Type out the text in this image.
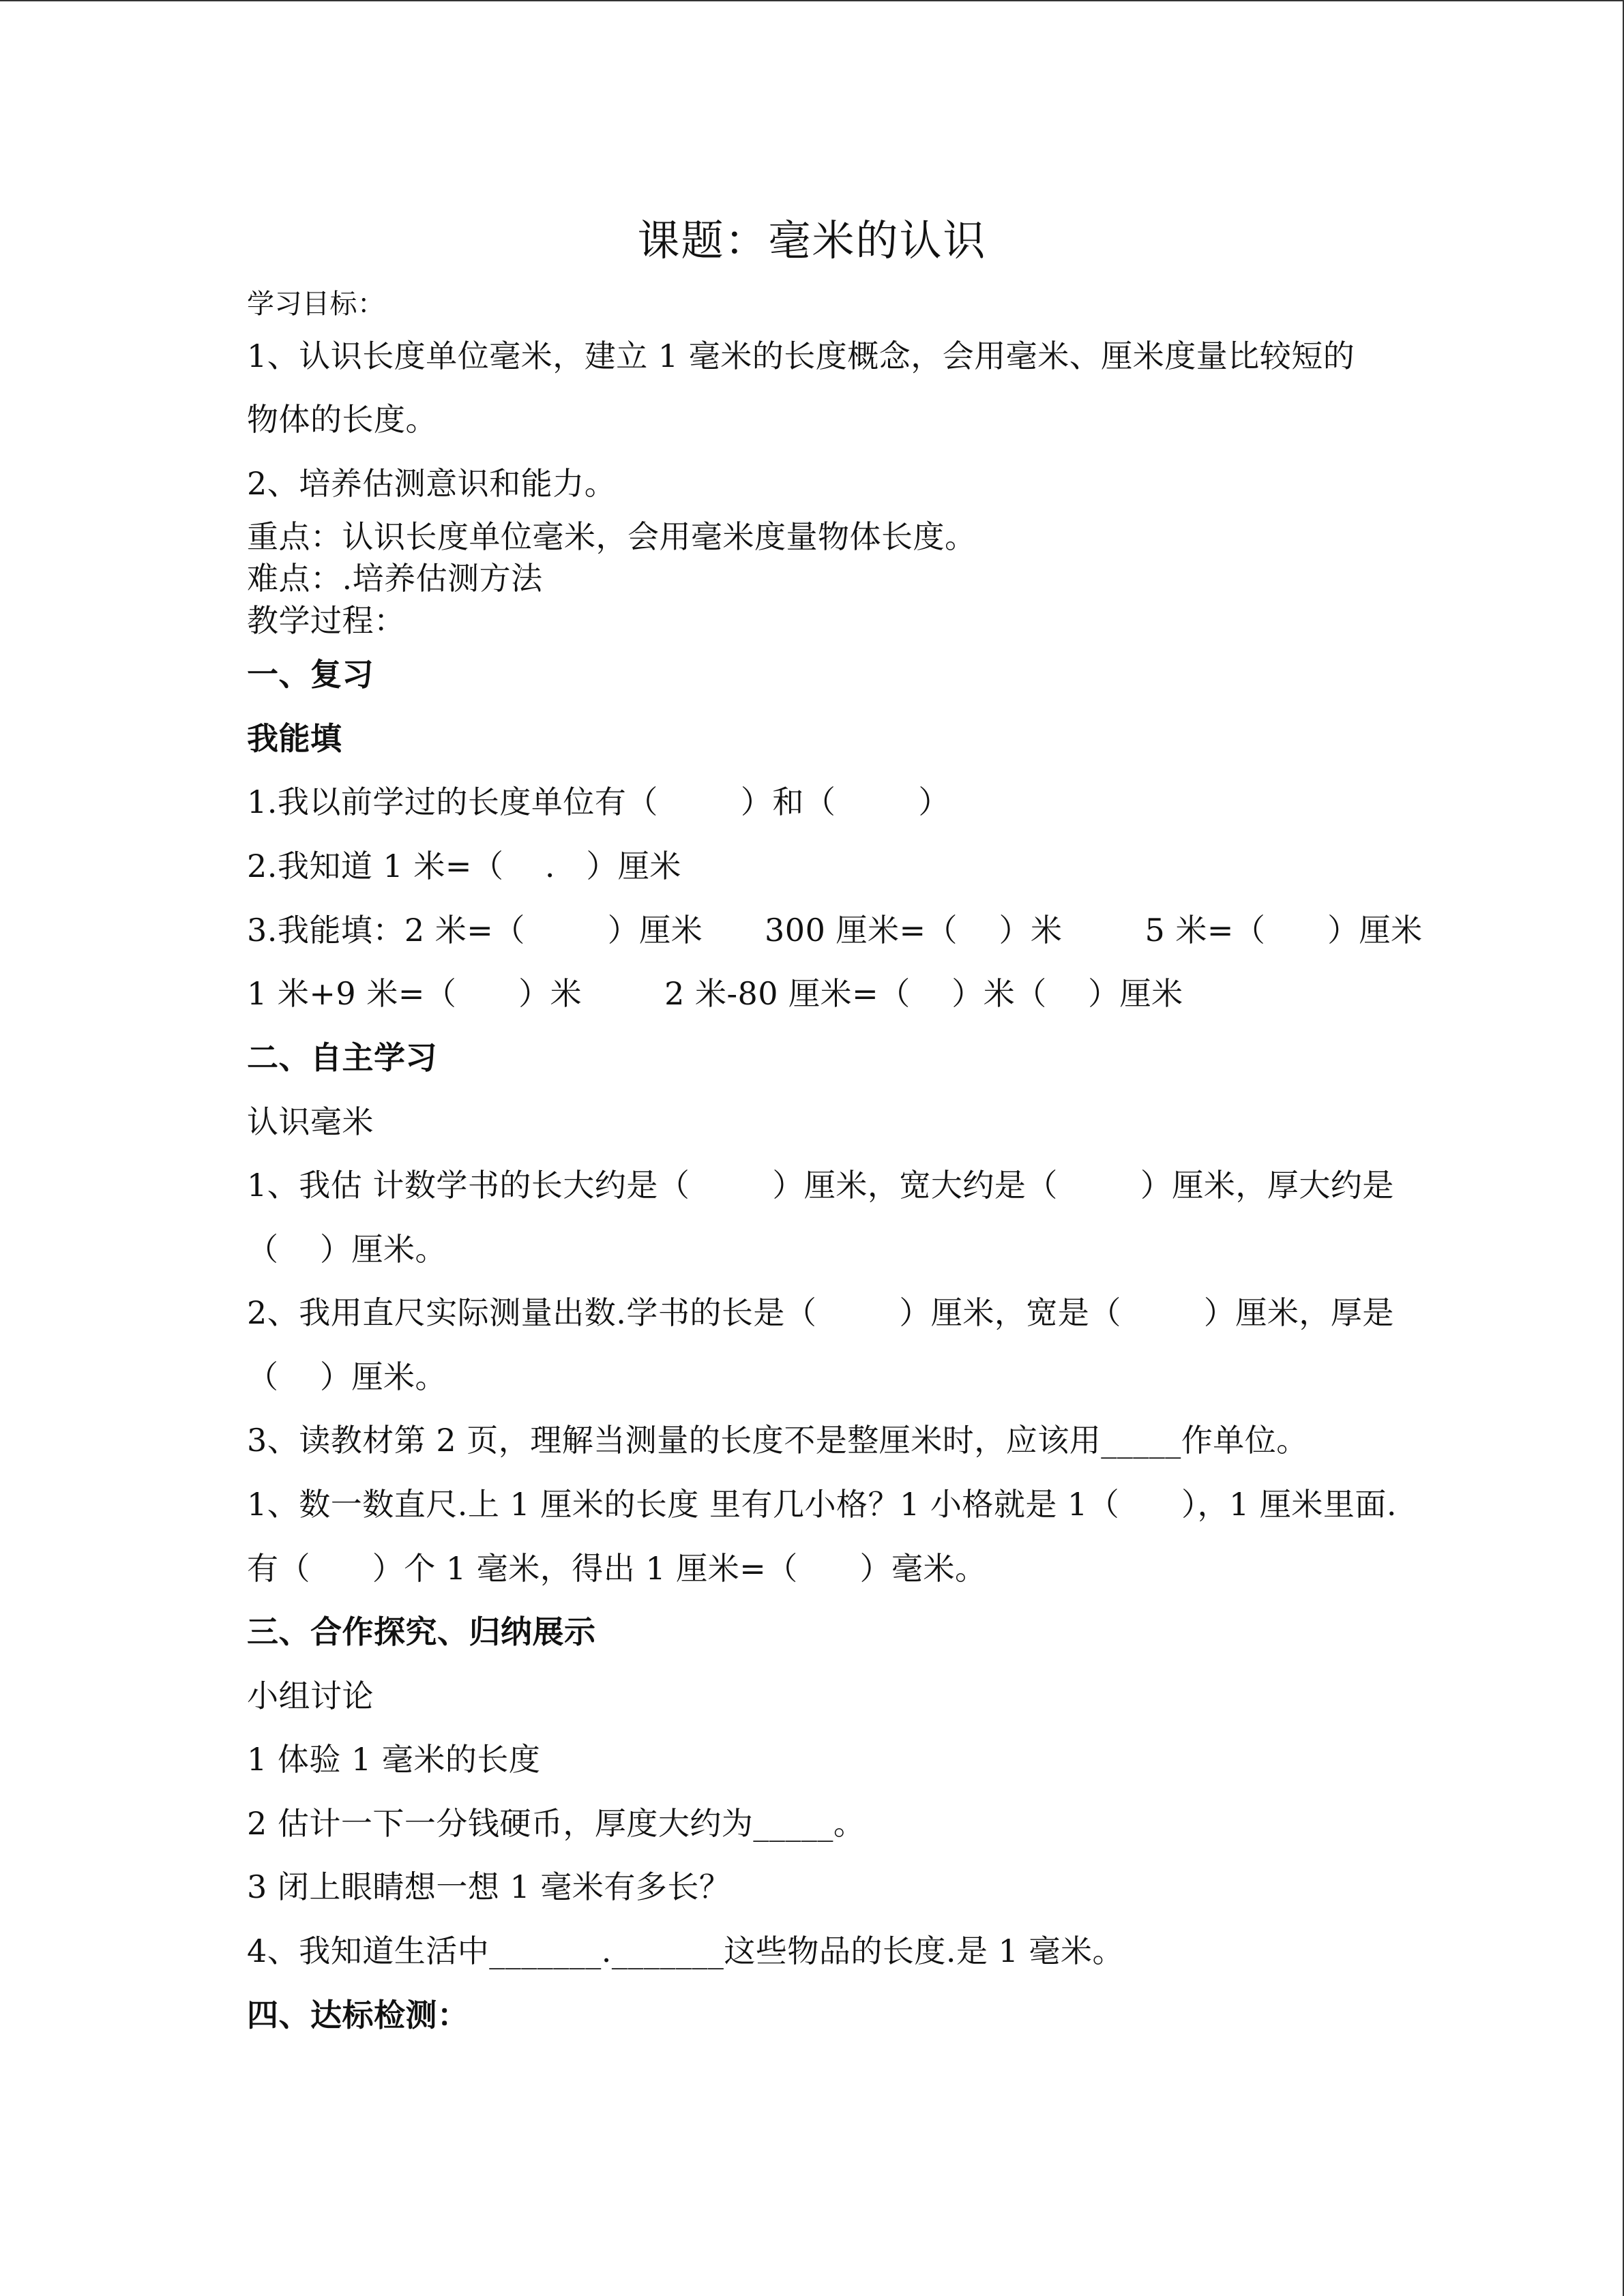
课题：毫米的认识
学习目标：
1、认识长度单位毫米，建立 1 毫米的长度概念，会用毫米、厘米度量比较短的
物体的长度。
2、培养估测意识和能力。
重点：认识长度单位毫米，会用毫米度量物体长度。
难点：.培养估测方法
教学过程：
一、复习
我能填
1.我以前学过的长度单位有（        ）和（        ）
2.我知道 1 米=（    .   ）厘米
3.我能填：2 米=（        ）厘米      300 厘米=（    ）米        5 米=（      ）厘米
1 米+9 米=（      ）米        2 米-80 厘米=（    ）米（    ）厘米
二、自主学习
认识毫米
1、我估 计数学书的长大约是（        ）厘米，宽大约是（        ）厘米，厚大约是
（    ）厘米。
2、我用直尺实际测量出数.学书的长是（        ）厘米，宽是（        ）厘米，厚是
（    ）厘米。
3、读教材第 2 页，理解当测量的长度不是整厘米时，应该用_____作单位。
1、数一数直尺.上 1 厘米的长度 里有几小格？1 小格就是 1（      ），1 厘米里面.
有（      ）个 1 毫米，得出 1 厘米=（      ）毫米。
三、合作探究、归纳展示
小组讨论
1 体验 1 毫米的长度
2 估计一下一分钱硬币，厚度大约为_____。
3 闭上眼睛想一想 1 毫米有多长？
4、我知道生活中_______._______这些物品的长度.是 1 毫米。
四、达标检测：
